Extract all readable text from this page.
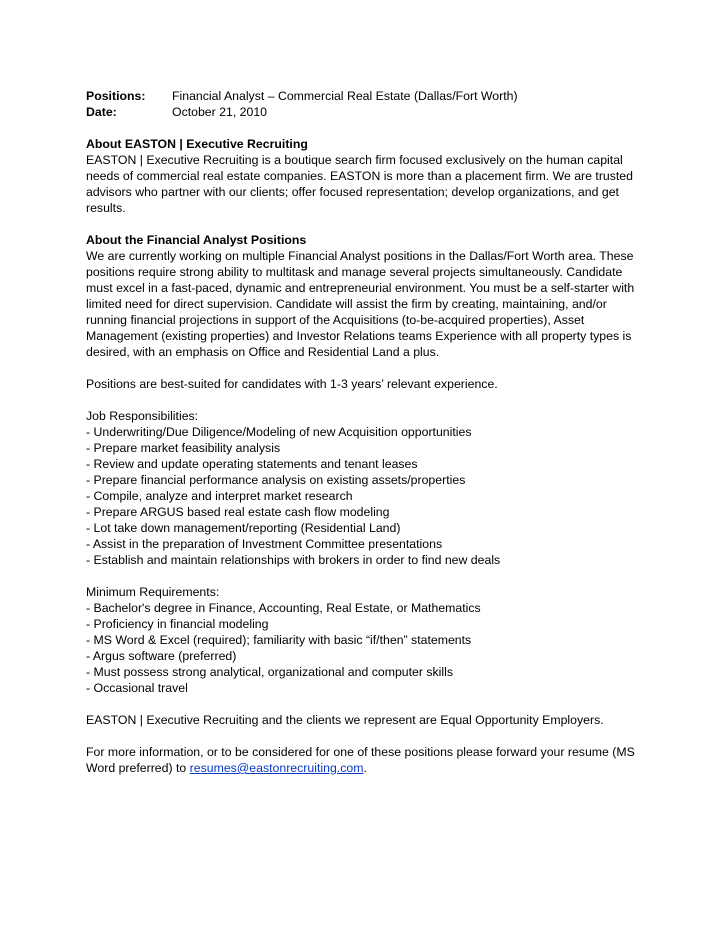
Positions:	Financial Analyst – Commercial Real Estate (Dallas/Fort Worth)
Date:	October 21, 2010

About EASTON | Executive Recruiting

EASTON | Executive Recruiting is a boutique search firm focused exclusively on the human capital needs of commercial real estate companies. EASTON is more than a placement firm. We are trusted advisors who partner with our clients; offer focused representation; develop organizations, and get results.

About the Financial Analyst Positions

We are currently working on multiple Financial Analyst positions in the Dallas/Fort Worth area. These positions require strong ability to multitask and manage several projects simultaneously. Candidate must excel in a fast-paced, dynamic and entrepreneurial environment. You must be a self-starter with limited need for direct supervision. Candidate will assist the firm by creating, maintaining, and/or running financial projections in support of the Acquisitions (to-be-acquired properties), Asset Management (existing properties) and Investor Relations teams Experience with all property types is desired, with an emphasis on Office and Residential Land a plus.

Positions are best-suited for candidates with 1-3 years’ relevant experience.

Job Responsibilities:

- Underwriting/Due Diligence/Modeling of new Acquisition opportunities
- Prepare market feasibility analysis
- Review and update operating statements and tenant leases
- Prepare financial performance analysis on existing assets/properties
- Compile, analyze and interpret market research
- Prepare ARGUS based real estate cash flow modeling
- Lot take down management/reporting (Residential Land)
- Assist in the preparation of Investment Committee presentations
- Establish and maintain relationships with brokers in order to find new deals

Minimum Requirements:

- Bachelor's degree in Finance, Accounting, Real Estate, or Mathematics
- Proficiency in financial modeling
- MS Word & Excel (required); familiarity with basic “if/then” statements
- Argus software (preferred)
- Must possess strong analytical, organizational and computer skills
- Occasional travel

EASTON | Executive Recruiting and the clients we represent are Equal Opportunity Employers.

For more information, or to be considered for one of these positions please forward your resume (MS Word preferred) to resumes@eastonrecruiting.com.
